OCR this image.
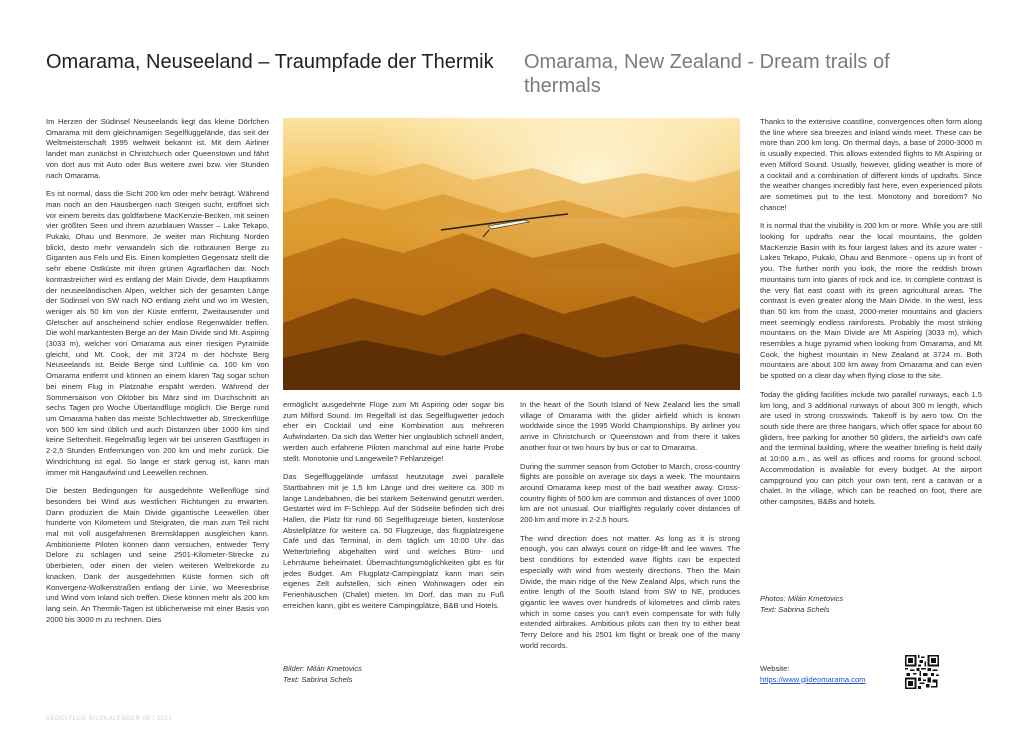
Omarama, Neuseeland – Traumpfade der Thermik Omarama, New Zealand - Dream trails of thermals

Im Herzen der Südinsel Neuseelands liegt das kleine Dörfchen Omarama mit dem gleichnamigen Segelfluggelände, das seit der Weltmeisterschaft 1995 weltweit bekannt ist. Mit dem Airliner landet man zunächst in Christchurch oder Queenstown und fährt von dort aus mit Auto oder Bus weitere zwei bzw. vier Stunden nach Omarama.

Es ist normal, dass die Sicht 200 km oder mehr beträgt. Während man noch an den Hausbergen nach Steigen sucht, eröffnet sich vor einem bereits das goldfarbene MacKenzie-Becken, mit seinen vier größten Seen und ihrem azurblauen Wasser – Lake Tekapo, Pukaki, Ohau und Benmore. Je weiter man Richtung Norden blickt, desto mehr verwandeln sich die rotbraunen Berge zu Giganten aus Fels und Eis. Einen kompletten Gegensatz stellt die sehr ebene Ostküste mit ihren grünen Agrarflächen dar. Noch kontrastreicher wird es entlang der Main Divide, dem Hauptkamm der neuseeländischen Alpen, welcher sich der gesamten Länge der Südinsel von SW nach NO entlang zieht und wo im Westen, weniger als 50 km von der Küste entfernt, Zweitausender und Gletscher auf anscheinend schier endlose Regenwälder treffen. Die wohl markantesten Berge an der Main Divide sind Mt. Aspiring (3033 m), welcher von Omarama aus einer riesigen Pyramide gleicht, und Mt. Cook, der mit 3724 m der höchste Berg Neuseelands ist. Beide Berge sind Luftlinie ca. 100 km von Omarama entfernt und können an einem klaren Tag sogar schon bei einem Flug in Platznähe erspäht werden. Während der Sommersaison von Oktober bis März sind im Durchschnitt an sechs Tagen pro Woche Überlandflüge möglich. Die Berge rund um Omarama halten das meiste Schlechtwetter ab. Streckenflüge von 500 km sind üblich und auch Distanzen über 1000 km sind keine Seltenheit. Regelmäßig legen wir bei unseren Gastflügen in 2-2,5 Stunden Entfernungen von 200 km und mehr zurück. Die Windrichtung ist egal. So lange er stark genug ist, kann man immer mit Hangaufwind und Leewellen rechnen.

Die besten Bedingungen für ausgedehnte Wellenflüge sind besonders bei Wind aus westlichen Richtungen zu erwarten. Dann produziert die Main Divide gigantische Leewellen über hunderte von Kilometern und Steigraten, die man zum Teil nicht mal mit voll ausgefahrenen Bremsklappen ausgleichen kann. Ambitionierte Piloten können dann versuchen, entweder Terry Delore zu schlagen und seine 2501-Kilometer-Strecke zu überbieten, oder einen der vielen weiteren Weltrekorde zu knacken. Dank der ausgedehnten Küste formen sich oft Konvergenz-Wolkenstraßen entlang der Linie, wo Meeresbrise und Wind vom Inland sich treffen. Diese können mehr als 200 km lang sein. An Thermik-Tagen ist üblicherweise mit einer Basis von 2000 bis 3000 m zu rechnen. Dies

ermöglicht ausgedehnte Flüge zum Mt Aspiring oder sogar bis zum Milford Sound. Im Regelfall ist das Segelflugwetter jedoch eher ein Cocktail und eine Kombination aus mehreren Aufwindarten. Da sich das Wetter hier unglaublich schnell ändert, werden auch erfahrene Piloten manchmal auf eine harte Probe stellt. Monotonie und Langeweile? Fehlanzeige!

Das Segelfluggelände umfasst heutzutage zwei parallele Startbahnen mit je 1,5 km Länge und drei weitere ca. 300 m lange Landebahnen, die bei starkem Seitenwind genutzt werden. Gestartet wird im F-Schlepp. Auf der Südseite befinden sich drei Hallen, die Platz für rund 60 Segelflugzeuge bieten, kostenlose Abstellplätze für weitere ca. 50 Flugzeuge, das flugplatzeigene Café und das Terminal, in dem täglich um 10:00 Uhr das Wetterbriefing abgehalten wird und welches Büro- und Lehrräume beheimatet. Übernachtungsmöglichkeiten gibt es für jedes Budget. Am Flugplatz-Campingplatz kann man sein eigenes Zelt aufstellen, sich einen Wohnwagen oder ein Ferienhäuschen (Chalet) mieten. Im Dorf, das man zu Fuß erreichen kann, gibt es weitere Campingplätze, B&B und Hotels.

Bilder: Milán Kmetovics
Text: Sabrina Schels

In the heart of the South Island of New Zealand lies the small village of Omarama with the glider airfield which is known worldwide since the 1995 World Championships. By airliner you arrive in Christchurch or Queenstown and from there it takes another four or two hours by bus or car to Omarama.

During the summer season from October to March, cross-country flights are possible on average six days a week. The mountains around Omarama keep most of the bad weather away. Cross-country flights of 500 km are common and distances of over 1000 km are not unusual. Our trialflights regularly cover distances of 200 km and more in 2-2.5 hours.

The wind direction does not matter. As long as it is strong enough, you can always count on ridge-lift and lee waves. The best conditions for extended wave flights can be expected especially with wind from westerly directions. Then the Main Divide, the main ridge of the New Zealand Alps, which runs the entire length of the South Island from SW to NE, produces gigantic lee waves over hundreds of kilometres and climb rates which in some cases you can't even compensate for with fully extended airbrakes. Ambitious pilots can then try to either beat Terry Delore and his 2501 km flight or break one of the many world records.

Thanks to the extensive coastline, convergences often form along the line where sea breezes and inland winds meet. These can be more than 200 km long. On thermal days, a base of 2000-3000 m is usually expected. This allows extended flights to Mt Aspiring or even Milford Sound. Usually, however, gliding weather is more of a cocktail and a combination of different kinds of updrafts. Since the weather changes incredibly fast here, even experienced pilots are sometimes put to the test. Monotony and boredom? No chance!

It is normal that the visibility is 200 km or more. While you are still looking for updrafts near the local mountains, the golden MacKenzie Basin with its four largest lakes and its azure water - Lakes Tekapo, Pukaki, Ohau and Benmore - opens up in front of you. The further north you look, the more the reddish brown mountains turn into giants of rock and ice. In complete contrast is the very flat east coast with its green agricultural areas. The contrast is even greater along the Main Divide. In the west, less than 50 km from the coast, 2000-meter mountains and glaciers meet seemingly endless rainforests. Probably the most striking mountains on the Main Divide are Mt Aspiring (3033 m), which resembles a huge pyramid when looking from Omarama, and Mt Cook, the highest mountain in New Zealand at 3724 m. Both mountains are about 100 km away from Omarama and can even be spotted on a clear day when flying close to the site.

Today the gliding facilities include two parallel runways, each 1.5 km long, and 3 additional runways of about 300 m length, which are used in strong crosswinds. Takeoff is by aero tow. On the south side there are three hangars, which offer space for about 60 gliders, free parking for another 50 gliders, the airfield's own café and the terminal building, where the weather briefing is held daily at 10:00 a.m., as well as offices and rooms for ground school. Accommodation is available for every budget. At the airport campground you can pitch your own tent, rent a caravan or a chalet. In the village, which can be reached on foot, there are other campsites, B&Bs and hotels.

Photos: Milán Kmetovics
Text: Sabrina Schels
Website:
https://www.glideomarama.com
SEGELFLUG BILDKALENDER 09 / 2021
